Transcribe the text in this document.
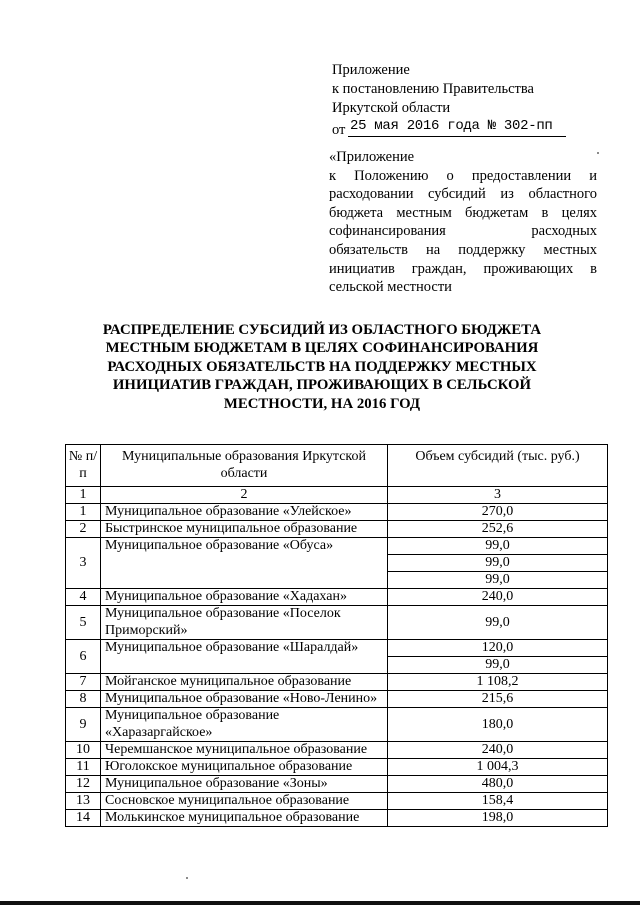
Приложение
к постановлению Правительства
Иркутской области
от 25 мая 2016 года № 302-пп
«Приложение
к Положению о предоставлении и расходовании субсидий из областного бюджета местным бюджетам в целях софинансирования расходных обязательств на поддержку местных инициатив граждан, проживающих в сельской местности
РАСПРЕДЕЛЕНИЕ СУБСИДИЙ ИЗ ОБЛАСТНОГО БЮДЖЕТА МЕСТНЫМ БЮДЖЕТАМ В ЦЕЛЯХ СОФИНАНСИРОВАНИЯ РАСХОДНЫХ ОБЯЗАТЕЛЬСТВ НА ПОДДЕРЖКУ МЕСТНЫХ ИНИЦИАТИВ ГРАЖДАН, ПРОЖИВАЮЩИХ В СЕЛЬСКОЙ МЕСТНОСТИ, НА 2016 ГОД
№ п/п	Муниципальные образования Иркутской области	Объем субсидий (тыс. руб.)
1	2	3
1	Муниципальное образование «Улейское»	270,0
2	Быстринское муниципальное образование	252,6
3	Муниципальное образование «Обуса»	99,0
		99,0
		99,0
4	Муниципальное образование «Хадахан»	240,0
5	Муниципальное образование «Поселок Приморский»	99,0
6	Муниципальное образование «Шаралдай»	120,0
		99,0
7	Мойганское муниципальное образование	1 108,2
8	Муниципальное образование «Ново-Ленино»	215,6
9	Муниципальное образование «Харазаргайское»	180,0
10	Черемшанское муниципальное образование	240,0
11	Юголокское муниципальное образование	1 004,3
12	Муниципальное образование «Зоны»	480,0
13	Сосновское муниципальное образование	158,4
14	Молькинское муниципальное образование	198,0
